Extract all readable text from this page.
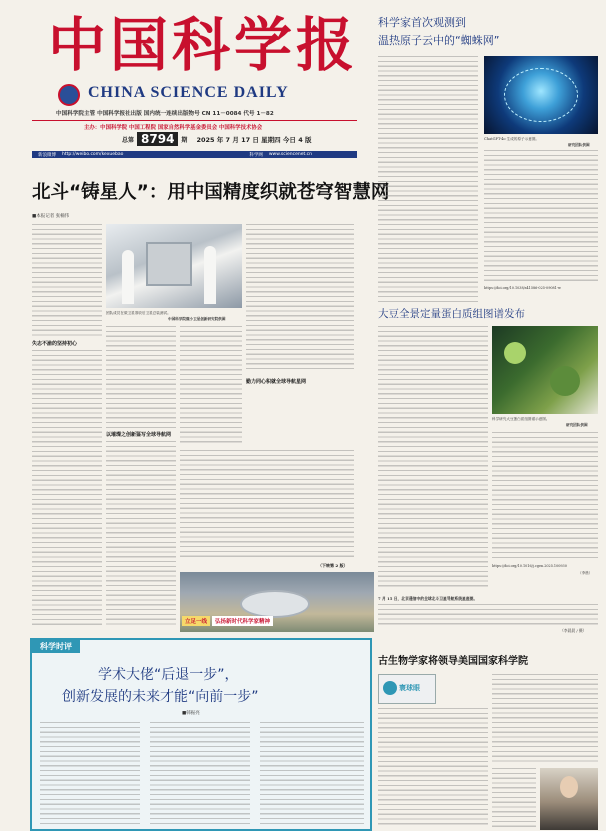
中国科学报
CHINA SCIENCE DAILY
中国科学院主管 中国科学报社出版 国内统一连续出版物号 CN 11－0084 代号 1－82
主办：中国科学院 中国工程院 国家自然科学基金委员会 中国科学技术协会
总第 8794	期 2025 年 7 月 17 日 星期四 今日 4 版
新浪微博 http://weibo.com/kexuebao	科学网 www.sciencenet.cn
北斗“铸星人”：用中国精度织就苍穹智慧网
■本报记者 张楠伟
失志不渝的坚持初心
团队成员在做卫星准收后卫星总装测试。
中国科学院微小卫星创新研究院供图
以璀璨之创新鉴写全球导航网
勤力同心积就全球导航星网
（下转第 2 版）
立足一线	弘扬新时代科学家精神
7 月 15 日，北京通信中的全球北斗卫星导航系统星座图。
（李晨晨 / 摄）
科学家首次观测到
温热原子云中的“蜘蛛网”
ChatGPT-4o 生成的原子示意图。
研究团队供图
https://doi.org/10.1038/s41586-025-09081-w
大豆全景定量蛋白质组图谱发布
科学研究大豆蛋白质组图谱示意图。
研究团队供图
https://doi.org/10.1016/j.cgen.2025.100930
（李晨）
科学时评
学术大佬“后退一步”，
创新发展的未来才能“向前一步”
■韩振亮
古生物学家将领导美国国家科学院
寰球眼
